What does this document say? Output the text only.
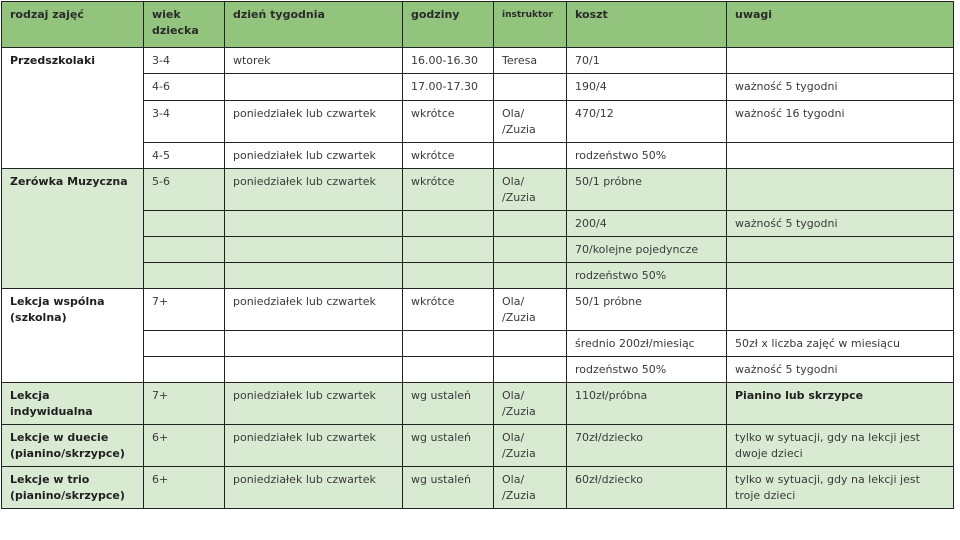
rodzaj zajęć	wiek dziecka	dzień tygodnia	godziny	instruktor	koszt	uwagi
Przedszkolaki	3-4	wtorek	16.00-16.30	Teresa	70/1	
	4-6		17.00-17.30		190/4	ważność 5 tygodni
	3-4	poniedziałek lub czwartek	wkrótce	Ola/ /Zuzia	470/12	ważność 16 tygodni
	4-5	poniedziałek lub czwartek	wkrótce		rodzeństwo 50%	
Zerówka Muzyczna	5-6	poniedziałek lub czwartek	wkrótce	Ola/ /Zuzia	50/1 próbne	
					200/4	ważność 5 tygodni
					70/kolejne pojedyncze	
					rodzeństwo 50%	
Lekcja wspólna (szkolna)	7+	poniedziałek lub czwartek	wkrótce	Ola/ /Zuzia	50/1 próbne	
					średnio 200zł/miesiąc	50zł x liczba zajęć w miesiącu
					rodzeństwo 50%	ważność 5 tygodni
Lekcja indywidualna	7+	poniedziałek lub czwartek	wg ustaleń	Ola/ /Zuzia	110zł/próbna	Pianino lub skrzypce
Lekcje w duecie (pianino/skrzypce)	6+	poniedziałek lub czwartek	wg ustaleń	Ola/ /Zuzia	70zł/dziecko	tylko w sytuacji, gdy na lekcji jest dwoje dzieci
Lekcje w trio (pianino/skrzypce)	6+	poniedziałek lub czwartek	wg ustaleń	Ola/ /Zuzia	60zł/dziecko	tylko w sytuacji, gdy na lekcji jest troje dzieci
